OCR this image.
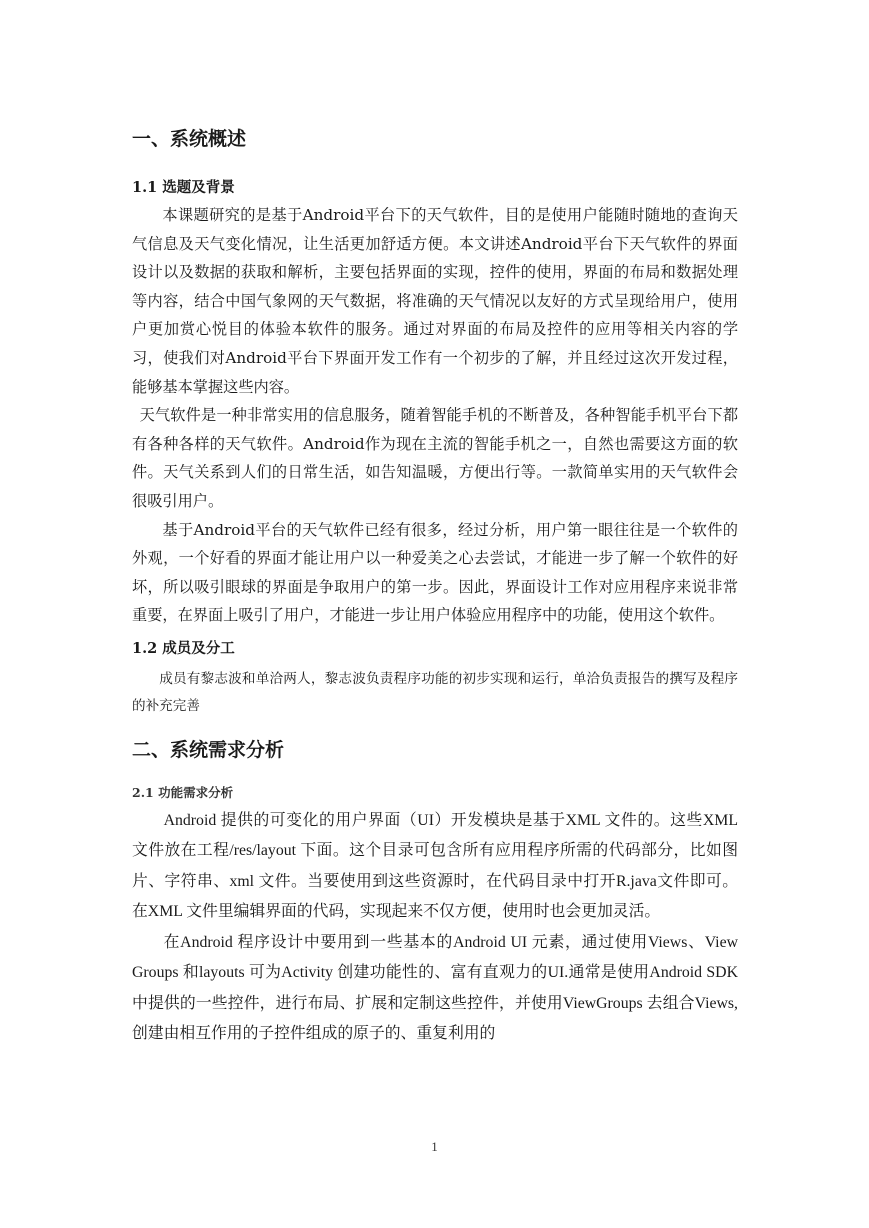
一、系统概述
1.1 选题及背景

本课题研究的是基于Android平台下的天气软件，目的是使用户能随时随地的查询天气信息及天气变化情况，让生活更加舒适方便。本文讲述Android平台下天气软件的界面设计以及数据的获取和解析，主要包括界面的实现，控件的使用，界面的布局和数据处理等内容，结合中国气象网的天气数据，将准确的天气情况以友好的方式呈现给用户，使用户更加赏心悦目的体验本软件的服务。通过对界面的布局及控件的应用等相关内容的学习，使我们对Android平台下界面开发工作有一个初步的了解，并且经过这次开发过程，能够基本掌握这些内容。

天气软件是一种非常实用的信息服务，随着智能手机的不断普及，各种智能手机平台下都有各种各样的天气软件。Android作为现在主流的智能手机之一，自然也需要这方面的软件。天气关系到人们的日常生活，如告知温暖，方便出行等。一款简单实用的天气软件会很吸引用户。

基于Android平台的天气软件已经有很多，经过分析，用户第一眼往往是一个软件的外观，一个好看的界面才能让用户以一种爱美之心去尝试，才能进一步了解一个软件的好坏，所以吸引眼球的界面是争取用户的第一步。因此，界面设计工作对应用程序来说非常重要，在界面上吸引了用户，才能进一步让用户体验应用程序中的功能，使用这个软件。

1.2 成员及分工

成员有黎志波和单洽两人，黎志波负责程序功能的初步实现和运行，单洽负责报告的撰写及程序的补充完善

二、系统需求分析
2.1 功能需求分析

Android 提供的可变化的用户界面（UI）开发模块是基于XML 文件的。这些XML 文件放在工程/res/layout 下面。这个目录可包含所有应用程序所需的代码部分，比如图片、字符串、xml 文件。当要使用到这些资源时，在代码目录中打开R.java文件即可。在XML 文件里编辑界面的代码，实现起来不仅方便，使用时也会更加灵活。

在Android 程序设计中要用到一些基本的Android UI 元素，通过使用Views、View Groups 和layouts 可为Activity 创建功能性的、富有直观力的UI.通常是使用Android SDK 中提供的一些控件，进行布局、扩展和定制这些控件，并使用ViewGroups 去组合Views,创建由相互作用的子控件组成的原子的、重复利用的

1
